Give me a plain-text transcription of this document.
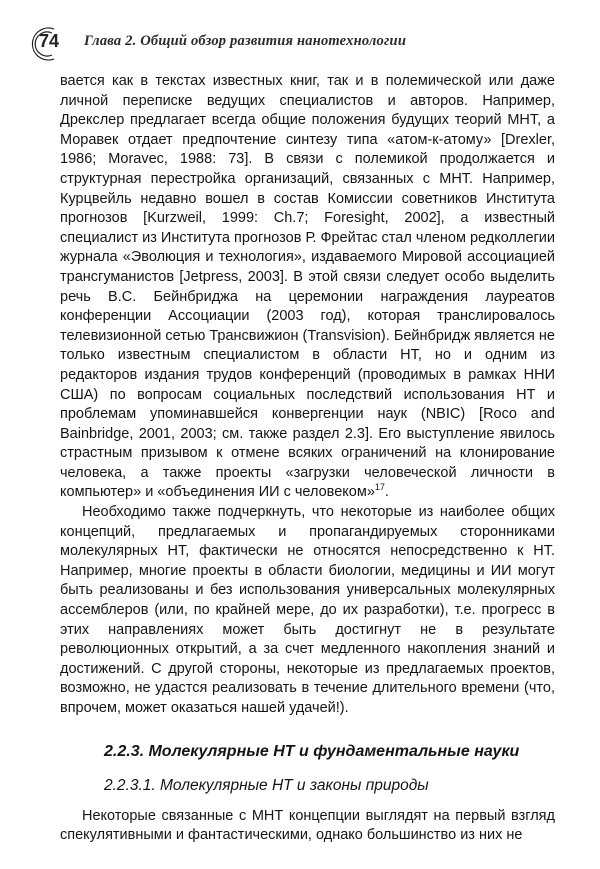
74 Глава 2. Общий обзор развития нанотехнологии

вается как в текстах известных книг, так и в полемической или даже личной переписке ведущих специалистов и авторов. Например, Дрекслер предлагает всегда общие положения будущих теорий МНТ, а Моравек отдает предпочтение синтезу типа «атом-к-атому» [Drexler, 1986; Moravec, 1988: 73]. В связи с полемикой продолжается и структурная перестройка организаций, связанных с МНТ. Например, Курцвейль недавно вошел в состав Комиссии советников Института прогнозов [Kurzweil, 1999: Ch.7; Foresight, 2002], а известный специалист из Института прогнозов Р. Фрейтас стал членом редколлегии журнала «Эволюция и технология», издаваемого Мировой ассоциацией трансгуманистов [Jetpress, 2003]. В этой связи следует особо выделить речь В.С. Бейнбриджа на церемонии награждения лауреатов конференции Ассоциации (2003 год), которая транслировалось телевизионной сетью Трансвижион (Transvision). Бейнбридж является не только известным специалистом в области НТ, но и одним из редакторов издания трудов конференций (проводимых в рамках ННИ США) по вопросам социальных последствий использования НТ и проблемам упоминавшейся конвергенции наук (NBIC) [Roco and Bainbridge, 2001, 2003; см. также раздел 2.3]. Его выступление явилось страстным призывом к отмене всяких ограничений на клонирование человека, а также проекты «загрузки человеческой личности в компьютер» и «объединения ИИ с человеком»$^{17}$.

Необходимо также подчеркнуть, что некоторые из наиболее общих концепций, предлагаемых и пропагандируемых сторонниками молекулярных НТ, фактически не относятся непосредственно к НТ. Например, многие проекты в области биологии, медицины и ИИ могут быть реализованы и без использования универсальных молекулярных ассемблеров (или, по крайней мере, до их разработки), т.е. прогресс в этих направлениях может быть достигнут не в результате революционных открытий, а за счет медленного накопления знаний и достижений. С другой стороны, некоторые из предлагаемых проектов, возможно, не удастся реализовать в течение длительного времени (что, впрочем, может оказаться нашей удачей!).

2.2.3. Молекулярные НТ и фундаментальные науки
2.2.3.1. Молекулярные НТ и законы природы

Некоторые связанные с МНТ концепции выглядят на первый взгляд спекулятивными и фантастическими, однако большинство из них не
